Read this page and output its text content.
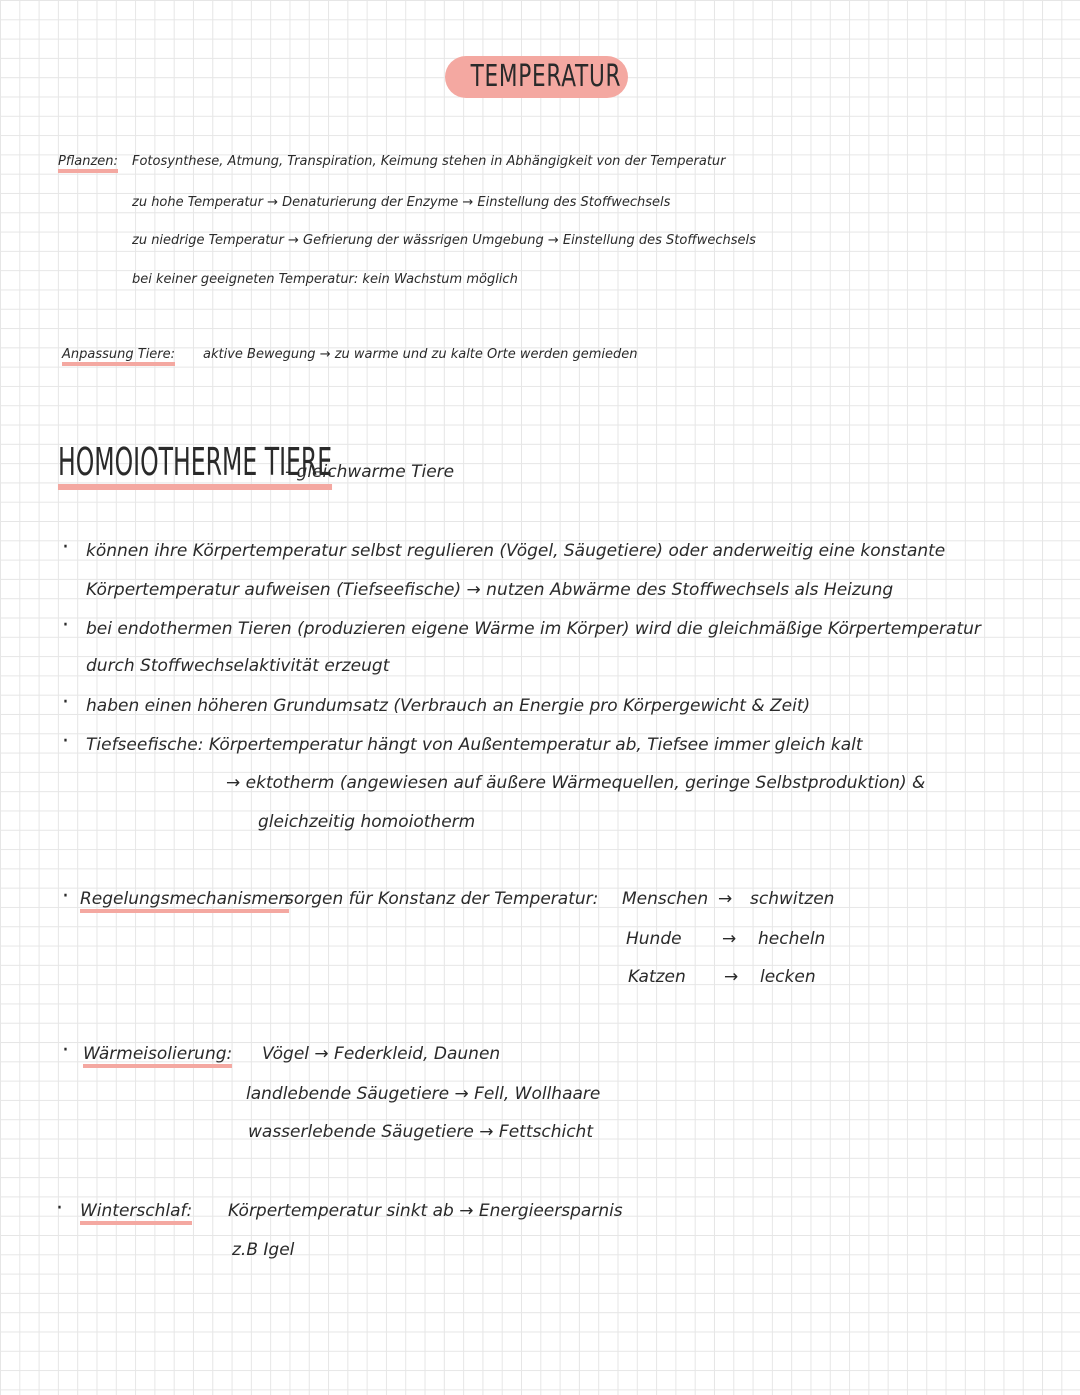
TEMPERATUR
Pflanzen: Fotosynthese, Atmung, Transpiration, Keimung stehen in Abhängigkeit von der Temperatur
zu hohe Temperatur → Denaturierung der Enzyme → Einstellung des Stoffwechsels
zu niedrige Temperatur → Gefrierung der wässrigen Umgebung → Einstellung des Stoffwechsels
bei keiner geeigneten Temperatur: kein Wachstum möglich
Anpassung Tiere: aktive Bewegung → zu warme und zu kalte Orte werden gemieden
HOMOIOTHERME TIERE
- gleichwarme Tiere
· können ihre Körpertemperatur selbst regulieren (Vögel, Säugetiere) oder anderweitig eine konstante
Körpertemperatur aufweisen (Tiefseefische) → nutzen Abwärme des Stoffwechsels als Heizung
· bei endothermen Tieren (produzieren eigene Wärme im Körper) wird die gleichmäßige Körpertemperatur
durch Stoffwechselaktivität erzeugt
· haben einen höheren Grundumsatz (Verbrauch an Energie pro Körpergewicht & Zeit)
· Tiefseefische: Körpertemperatur hängt von Außentemperatur ab, Tiefsee immer gleich kalt
→ ektotherm (angewiesen auf äußere Wärmequellen, geringe Selbstproduktion) &
gleichzeitig homoiotherm
· Regelungsmechanismen
sorgen für Konstanz der Temperatur: Menschen → schwitzen
Hunde → hecheln
Katzen → lecken
· Wärmeisolierung: Vögel → Federkleid, Daunen
landlebende Säugetiere → Fell, Wollhaare
wasserlebende Säugetiere → Fettschicht
· Winterschlaf: Körpertemperatur sinkt ab → Energieersparnis
z.B Igel
